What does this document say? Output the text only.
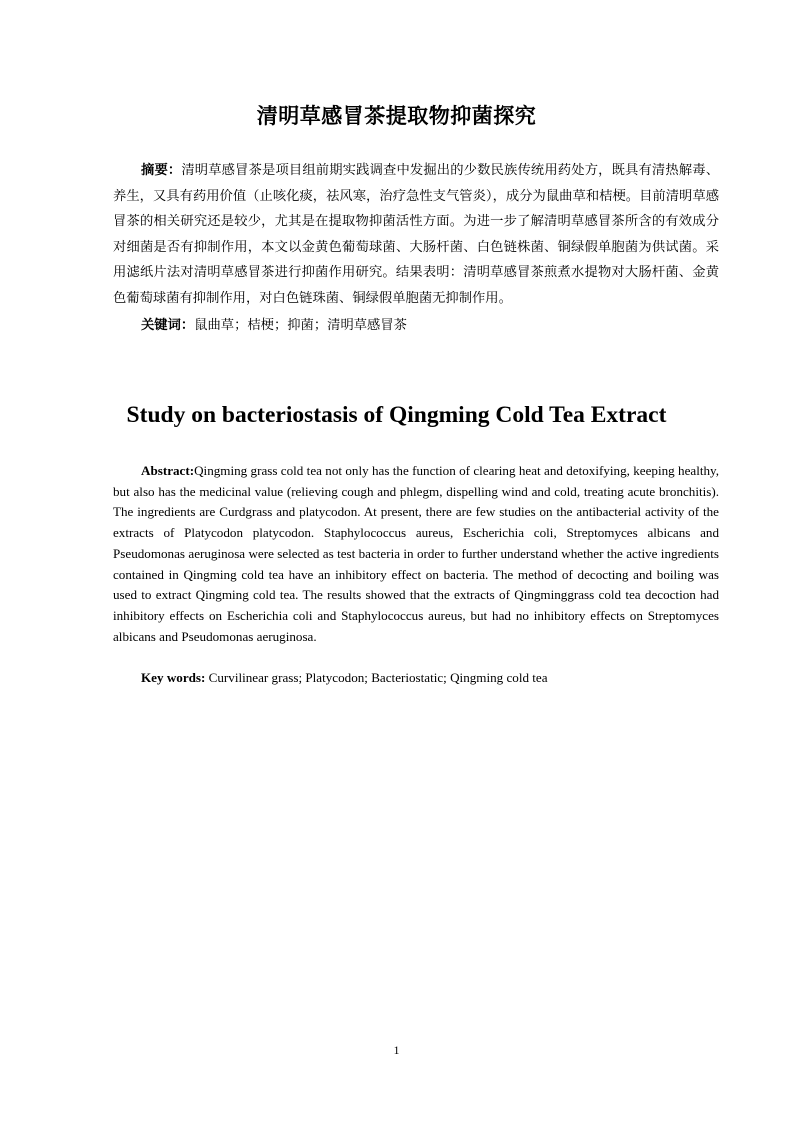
清明草感冒茶提取物抑菌探究

摘要：清明草感冒茶是项目组前期实践调查中发掘出的少数民族传统用药处方，既具有清热解毒、养生，又具有药用价值（止咳化痰，祛风寒，治疗急性支气管炎），成分为鼠曲草和桔梗。目前清明草感冒茶的相关研究还是较少，尤其是在提取物抑菌活性方面。为进一步了解清明草感冒茶所含的有效成分对细菌是否有抑制作用，本文以金黄色葡萄球菌、大肠杆菌、白色链株菌、铜绿假单胞菌为供试菌。采用滤纸片法对清明草感冒茶进行抑菌作用研究。结果表明：清明草感冒茶煎煮水提物对大肠杆菌、金黄色葡萄球菌有抑制作用，对白色链珠菌、铜绿假单胞菌无抑制作用。

关键词：鼠曲草；桔梗；抑菌；清明草感冒茶

Study on bacteriostasis of Qingming Cold Tea Extract

Abstract:Qingming grass cold tea not only has the function of clearing heat and detoxifying, keeping healthy, but also has the medicinal value (relieving cough and phlegm, dispelling wind and cold, treating acute bronchitis). The ingredients are Curdgrass and platycodon. At present, there are few studies on the antibacterial activity of the extracts of Platycodon platycodon. Staphylococcus aureus, Escherichia coli, Streptomyces albicans and Pseudomonas aeruginosa were selected as test bacteria in order to further understand whether the active ingredients contained in Qingming cold tea have an inhibitory effect on bacteria. The method of decocting and boiling was used to extract Qingming cold tea. The results showed that the extracts of Qingminggrass cold tea decoction had inhibitory effects on Escherichia coli and Staphylococcus aureus, but had no inhibitory effects on Streptomyces albicans and Pseudomonas aeruginosa.

Key words: Curvilinear grass; Platycodon; Bacteriostatic; Qingming cold tea

1
